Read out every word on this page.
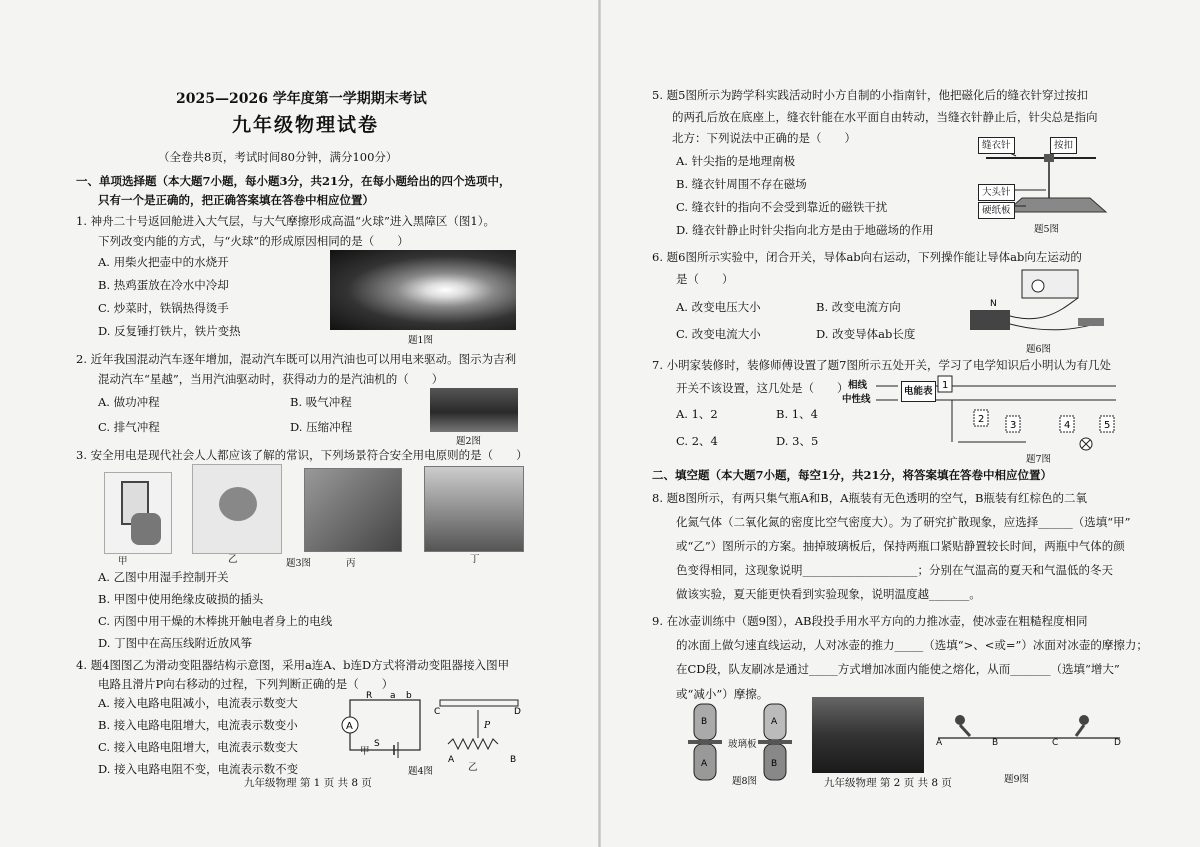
2025—2026 学年度第一学期期末考试
九年级物理试卷
（全卷共8页，考试时间80分钟，满分100分）
一、单项选择题（本大题7小题，每小题3分，共21分，在每小题给出的四个选项中，
只有一个是正确的，把正确答案填在答卷中相应位置）
1. 神舟二十号返回舱进入大气层，与大气摩擦形成高温“火球”进入黑障区（图1）。
下列改变内能的方式，与“火球”的形成原因相同的是（　　）
A. 用柴火把壶中的水烧开
B. 热鸡蛋放在冷水中冷却
C. 炒菜时，铁锅热得烫手
D. 反复锤打铁片，铁片变热
题1图
2. 近年我国混动汽车逐年增加，混动汽车既可以用汽油也可以用电来驱动。图示为吉利
混动汽车“星越”，当用汽油驱动时，获得动力的是汽油机的（　　）
A. 做功冲程	B. 吸气冲程
C. 排气冲程	D. 压缩冲程
题2图
3. 安全用电是现代社会人人都应该了解的常识，下列场景符合安全用电原则的是（　　）
甲	乙	题3图	丙	丁
A. 乙图中用湿手控制开关
B. 甲图中使用绝缘皮破损的插头
C. 丙图中用干燥的木棒挑开触电者身上的电线
D. 丁图中在高压线附近放风筝
4. 题4图图乙为滑动变阻器结构示意图，采用a连A、b连D方式将滑动变阻器接入图甲
电路且滑片P向右移动的过程，下列判断正确的是（　　）
A. 接入电路电阻减小，电流表示数变大
B. 接入电路电阻增大，电流表示数变小
C. 接入电路电阻增大，电流表示数变大
D. 接入电路电阻不变，电流表示数不变
A
R a b
S
C	D
P
A	B
甲
题4图	乙
九年级物理 第 1 页 共 8 页
5. 题5图所示为跨学科实践活动时小方自制的小指南针，他把磁化后的缝衣针穿过按扣
的两孔后放在底座上，缝衣针能在水平面自由转动，当缝衣针静止后，针尖总是指向
北方：下列说法中正确的是（　　）
A. 针尖指的是地理南极
B. 缝衣针周围不存在磁场
C. 缝衣针的指向不会受到靠近的磁铁干扰
D. 缝衣针静止时针尖指向北方是由于地磁场的作用
缝衣针	按扣
大头针
硬纸板
题5图
6. 题6图所示实验中，闭合开关，导体ab向右运动，下列操作能让导体ab向左运动的
是（　　）
A. 改变电压大小	B. 改变电流方向
C. 改变电流大小	D. 改变导体ab长度
N
题6图
7. 小明家装修时，装修师傅设置了题7图所示五处开关，学习了电学知识后小明认为有几处
开关不该设置，这几处是（　　）
A. 1、2	B. 1、4
C. 2、4	D. 3、5
相线
中性线
电能表
1
2
3	4	5
题7图
二、填空题（本大题7小题，每空1分，共21分，将答案填在答卷中相应位置）
8. 题8图所示，有两只集气瓶A和B，A瓶装有无色透明的空气，B瓶装有红棕色的二氧
化氮气体（二氧化氮的密度比空气密度大）。为了研究扩散现象，应选择______（选填“甲”
或“乙”）图所示的方案。抽掉玻璃板后，保持两瓶口紧贴静置较长时间，两瓶中气体的颜
色变得相同，这现象说明____________________；分别在气温高的夏天和气温低的冬天
做该实验，夏天能更快看到实验现象，说明温度越_______。
9. 在冰壶训练中（题9图），AB段投手用水平方向的力推冰壶，使冰壶在粗糙程度相同
的冰面上做匀速直线运动，人对冰壶的推力_____（选填“>、<或=”）冰面对冰壶的摩擦力；
在CD段，队友刷冰是通过_____方式增加冰面内能使之熔化，从而_______（选填“增大”
或“减小”）摩擦。
B
A
A
B
玻璃板
题8图	九年级物理 第 2 页 共 8 页
A	B	C	D
题9图
